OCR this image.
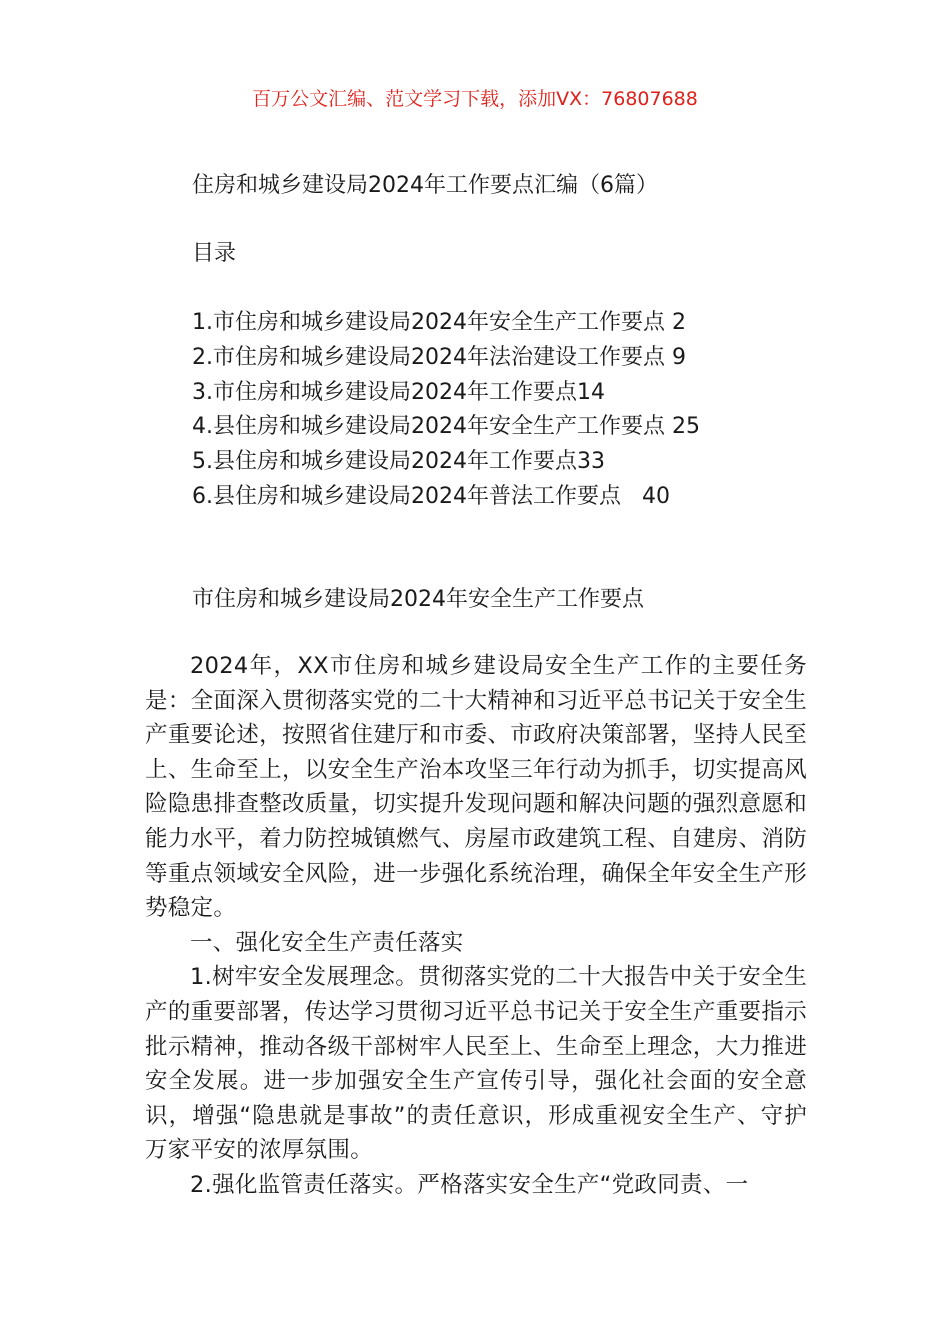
百万公文汇编、范文学习下载，添加VX：76807688
住房和城乡建设局2024年工作要点汇编（6篇）
目录
1.市住房和城乡建设局2024年安全生产工作要点 2
2.市住房和城乡建设局2024年法治建设工作要点 9
3.市住房和城乡建设局2024年工作要点14
4.县住房和城乡建设局2024年安全生产工作要点 25
5.县住房和城乡建设局2024年工作要点33
6.县住房和城乡建设局2024年普法工作要点   40
市住房和城乡建设局2024年安全生产工作要点

2024年，XX市住房和城乡建设局安全生产工作的主要任务是：全面深入贯彻落实党的二十大精神和习近平总书记关于安全生产重要论述，按照省住建厅和市委、市政府决策部署，坚持人民至上、生命至上，以安全生产治本攻坚三年行动为抓手，切实提高风险隐患排查整改质量，切实提升发现问题和解决问题的强烈意愿和能力水平，着力防控城镇燃气、房屋市政建筑工程、自建房、消防等重点领域安全风险，进一步强化系统治理，确保全年安全生产形势稳定。

一、强化安全生产责任落实

1.树牢安全发展理念。贯彻落实党的二十大报告中关于安全生产的重要部署，传达学习贯彻习近平总书记关于安全生产重要指示批示精神，推动各级干部树牢人民至上、生命至上理念，大力推进安全发展。进一步加强安全生产宣传引导，强化社会面的安全意识，增强“隐患就是事故”的责任意识，形成重视安全生产、守护万家平安的浓厚氛围。

2.强化监管责任落实。严格落实安全生产“党政同责、一
